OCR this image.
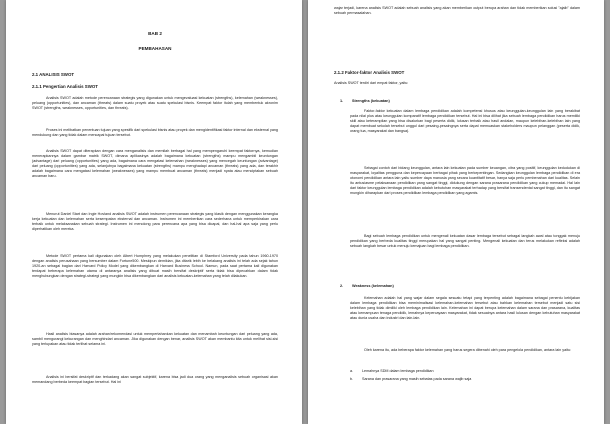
BAB 2
PEMBAHASAN
2.1 ANALISIS SWOT
2.1.1 Pengertian Analisis SWOT

Analisis SWOT adalah metode perencanaan strategis yang digunakan untuk mengevaluasi kekuatan (strengths), kelemahan (weaknesses), peluang (opportunities), dan ancaman (threats) dalam suatu proyek atau suatu spekulasi bisnis. Keempat faktor itulah yang membentuk akronim SWOT (strengths, weaknesses, opportunities, dan threats).

Proses ini melibatkan penentuan tujuan yang spesifik dari spekulasi bisnis atau proyek dan mengidentifikasi faktor internal dan eksternal yang mendukung dan yang tidak dalam mencapai tujuan tersebut.

Analisis SWOT dapat diterapkan dengan cara menganalisis dan memilah berbagai hal yang mempengaruhi keempat faktornya, kemudian menerapkannya dalam gambar matrik SWOT, dimana aplikasinya adalah bagaimana kekuatan (strengths) mampu mengambil keuntungan (advantage) dari peluang (opportunities) yang ada, bagaimana cara mengatasi kelemahan (weaknesses) yang mencegah keuntungan (advantage) dari peluang (opportunities) yang ada, selanjutnya bagaimana kekuatan (strengths) mampu menghadapi ancaman (threats) yang ada, dan terakhir adalah bagaimana cara mengatasi kelemahan (weaknesses) yang mampu membuat ancaman (threats) menjadi nyata atau menciptakan sebuah ancaman baru.

Menurut Daniel Start dan Ingie Hovland analisis SWOT adalah instrumen perencanaan strategis yang klasik dengan menggunakan kerangka kerja kekuatan dan kelemahan serta kesempatan eksternal dan ancaman. Instrumen ini memberikan cara sederhana untuk memperkirakan cara terbaik untuk melaksanakan sebuah strategi. Instrumen ini menolong para perencana apa yang bisa dicapai, dan hal-hal apa saja yang perlu diperhatikan oleh mereka.

Metode SWOT pertama kali digunakan oleh Albert Humphrey yang melakukan penelitian di Stamford University pada tahun 1960-1970 dengan analisis perusahaan yang bersumber dalam Fortune500. Meskipun demikian, jika ditarik lebih ke belakang analisis ini telah ada sejak tahun 1920-an sebagai bagian dari Harvard Policy Model yang dikembangkan di Harvard Business School. Namun, pada saat pertama kali digunakan terdapat beberapa kelemahan utama di antaranya analisis yang dibuat masih bersifat deskriptif serta tidak bisa dipecahkan dalam tidak menghubungkan dengan strategi-strategi yang mungkin bisa dikembangkan dari analisis kekuatan-kelemahan yang telah dilakukan.

Hasil analisis biasanya adalah arahan/rekomendasi untuk mempertahankan kekuatan dan menambah keuntungan dari peluang yang ada, sambil mengurangi kekurangan dan menghindari ancaman. Jika digunakan dengan benar, analisis SWOT akan membantu kita untuk melihat sisi-sisi yang terlupakan atau tidak terlihat selama ini.

Analisis ini bersifat deskriptif dan terkadang akan sangat subjektif, karena bisa jadi dua orang yang menganalisis sebuah organisasi akan memandang berbeda keempat bagian tersebut. Hal ini

wajar terjadi, karena analisis SWOT adalah sebuah analisis yang akan memberikan output berupa arahan dan tidak memberikan solusi "ajaib" dalam sebuah permasalahan.

2.1.2 Faktor-faktor Analisis SWOT

Analisis SWOT terdiri dari empat faktor, yaitu:

1.	Strengths (kekuatan)

Faktor-faktor kekuatan dalam lembaga pendidikan adalah kompetensi khusus atau keunggulan-keunggulan lain yang berakibat pada nilai plus atau keunggulan komparatif lembaga pendidikan tersebut. Hal ini bisa dilihat jika sebuah lembaga pendidikan harus memiliki skill atau keterampilan yang bisa disalurkan bagi peserta didik, lulusan terbaik atau hasil andalan, maupun kelebihan-kelebihan lain yang dapat membuat sekolah tersebut unggul dari pesaing-pesaingnya serta dapat memuaskan stakeholders maupun pelanggan (peserta didik, orang tua, masyarakat dan bangsa).

Sebagai contoh dari bidang keunggulan, antara lain kekuatan pada sumber keuangan, citra yang positif, keunggulan kedudukan di masyarakat, loyalitas pengguna dan kepercayaan berbagai pihak yang berkepentingan. Sedangkan keunggulan lembaga pendidikan di era otonomi pendidikan antara lain yaitu sumber daya manusia yang secara kuantitatif besar, hanya saja perlu pembenahan dari kualitas. Selain itu antusiasme pelaksanaan pendidikan yang sangat tinggi, didukung dengan sarana prasarana pendidikan yang cukup memadai. Hal lain dari faktor keunggulan lembaga pendidikan adalah kebutuhan masyarakat terhadap yang bersifat transendental sangat tinggi, dan itu sangat mungkin diharapkan dari proses pendidikan lembaga pendidikan yang agamis.

Bagi sebuah lembaga pendidikan untuk mengenali kekuatan dasar lembaga tersebut sebagai langkah awal atau tonggak menuju pendidikan yang berbeda kualitas tinggi merupakan hal yang sangat penting. Mengenali kekuatan dan terus melakukan refleksi adalah sebuah langkah besar untuk menuju kemajuan bagi lembaga pendidikan.

2.	Weakness (kelemahan)

Kelemahan adalah hal yang wajar dalam segala sesuatu tetapi yang terpenting adalah bagaimana sebagai penentu kebijakan dalam lembaga pendidikan bisa meminimalisasi kelemahan-kelemahan tersebut atau bahkan kelemahan tersebut menjadi satu sisi kelebihan yang tidak dimiliki oleh lembaga pendidikan lain. Kelemahan ini dapat berupa kelemahan dalam sarana dan prasarana, kualitas atau kemampuan tenaga pendidik, lemahnya kepercayaan masyarakat, tidak sesuainya antara hasil lulusan dengan kebutuhan masyarakat atau dunia usaha dan industri dan lain-lain.

Oleh karena itu, ada beberapa faktor kelemahan yang harus segera dibenahi oleh para pengelola pendidikan, antara lain yaitu:

a.	Lemahnya SDM dalam lembaga pendidikan
b.	Sarana dan prasarana yang masih sebatas pada sarana wajib saja
